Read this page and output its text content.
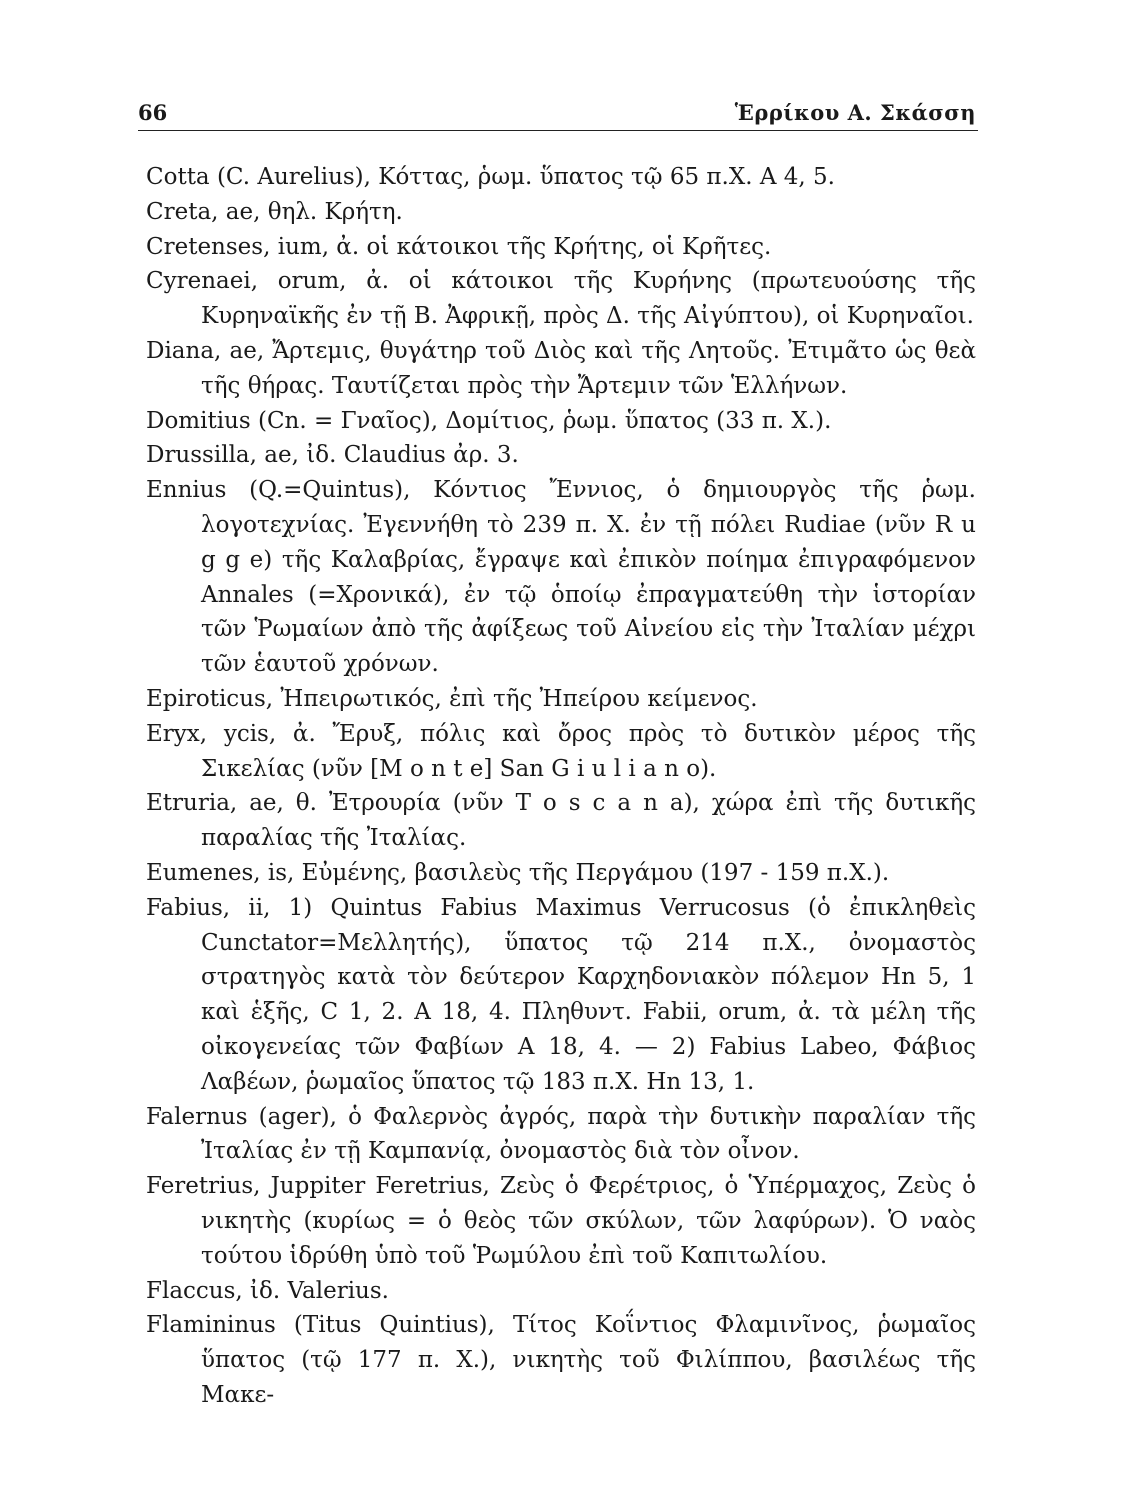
66	Ἑρρίκου Α. Σκάσση
Cotta (C. Aurelius), Κόττας, ῥωμ. ὕπατος τῷ 65 π.Χ. Α 4, 5.
Creta, ae, θηλ. Κρήτη.
Cretenses, ium, ἀ. οἱ κάτοικοι τῆς Κρήτης, οἱ Κρῆτες.
Cyrenaei, orum, ἀ. οἱ κάτοικοι τῆς Κυρήνης (πρωτευούσης τῆς Κυρηναϊκῆς ἐν τῇ Β. Ἀφρικῇ, πρὸς Δ. τῆς Αἰγύπτου), οἱ Κυρηναῖοι.
Diana, ae, Ἄρτεμις, θυγάτηρ τοῦ Διὸς καὶ τῆς Λητοῦς. Ἐτιμᾶτο ὡς θεὰ τῆς θήρας. Ταυτίζεται πρὸς τὴν Ἄρτεμιν τῶν Ἑλλήνων.
Domitius (Cn. = Γναῖος), Δομίτιος, ῥωμ. ὕπατος (33 π. Χ.).
Drussilla, ae, ἰδ. Claudius ἀρ. 3.
Ennius (Q.=Quintus), Κόντιος Ἔννιος, ὁ δημιουργὸς τῆς ῥωμ. λογοτεχνίας. Ἐγεννήθη τὸ 239 π. Χ. ἐν τῇ πόλει Rudiae (νῦν R u g g e) τῆς Καλαβρίας, ἔγραψε καὶ ἐπικὸν ποίημα ἐπιγραφόμενον Annales (=Χρονικά), ἐν τῷ ὁποίῳ ἐπραγματεύθη τὴν ἱστορίαν τῶν Ῥωμαίων ἀπὸ τῆς ἀφίξεως τοῦ Αἰνείου εἰς τὴν Ἰταλίαν μέχρι τῶν ἑαυτοῦ χρόνων.
Epiroticus, Ἠπειρωτικός, ἐπὶ τῆς Ἠπείρου κείμενος.
Eryx, ycis, ἀ. Ἔρυξ, πόλις καὶ ὄρος πρὸς τὸ δυτικὸν μέρος τῆς Σικελίας (νῦν [M o n t e] San G i u l i a n o).
Etruria, ae, θ. Ἐτρουρία (νῦν T o s c a n a), χώρα ἐπὶ τῆς δυτικῆς παραλίας τῆς Ἰταλίας.
Eumenes, is, Εὐμένης, βασιλεὺς τῆς Περγάμου (197 - 159 π.Χ.).
Fabius, ii, 1) Quintus Fabius Maximus Verrucosus (ὁ ἐπικληθεὶς Cunctator=Μελλητής), ὕπατος τῷ 214 π.Χ., ὀνομαστὸς στρατηγὸς κατὰ τὸν δεύτερον Καρχηδονιακὸν πόλεμον Hn 5, 1 καὶ ἑξῆς, C 1, 2. A 18, 4. Πληθυντ. Fabii, orum, ἀ. τὰ μέλη τῆς οἰκογενείας τῶν Φαβίων A 18, 4. — 2) Fabius Labeo, Φάβιος Λαβέων, ῥωμαῖος ὕπατος τῷ 183 π.Χ. Hn 13, 1.
Falernus (ager), ὁ Φαλερνὸς ἀγρός, παρὰ τὴν δυτικὴν παραλίαν τῆς Ἰταλίας ἐν τῇ Καμπανίᾳ, ὀνομαστὸς διὰ τὸν οἶνον.
Feretrius, Juppiter Feretrius, Ζεὺς ὁ Φερέτριος, ὁ Ὑπέρμαχος, Ζεὺς ὁ νικητὴς (κυρίως = ὁ θεὸς τῶν σκύλων, τῶν λαφύρων). Ὁ ναὸς τούτου ἱδρύθη ὑπὸ τοῦ Ῥωμύλου ἐπὶ τοῦ Καπιτωλίου.
Flaccus, ἰδ. Valerius.
Flamininus (Titus Quintius), Τίτος Κοΐντιος Φλαμινῖνος, ῥωμαῖος ὕπατος (τῷ 177 π. Χ.), νικητὴς τοῦ Φιλίππου, βασιλέως τῆς Μακε-
